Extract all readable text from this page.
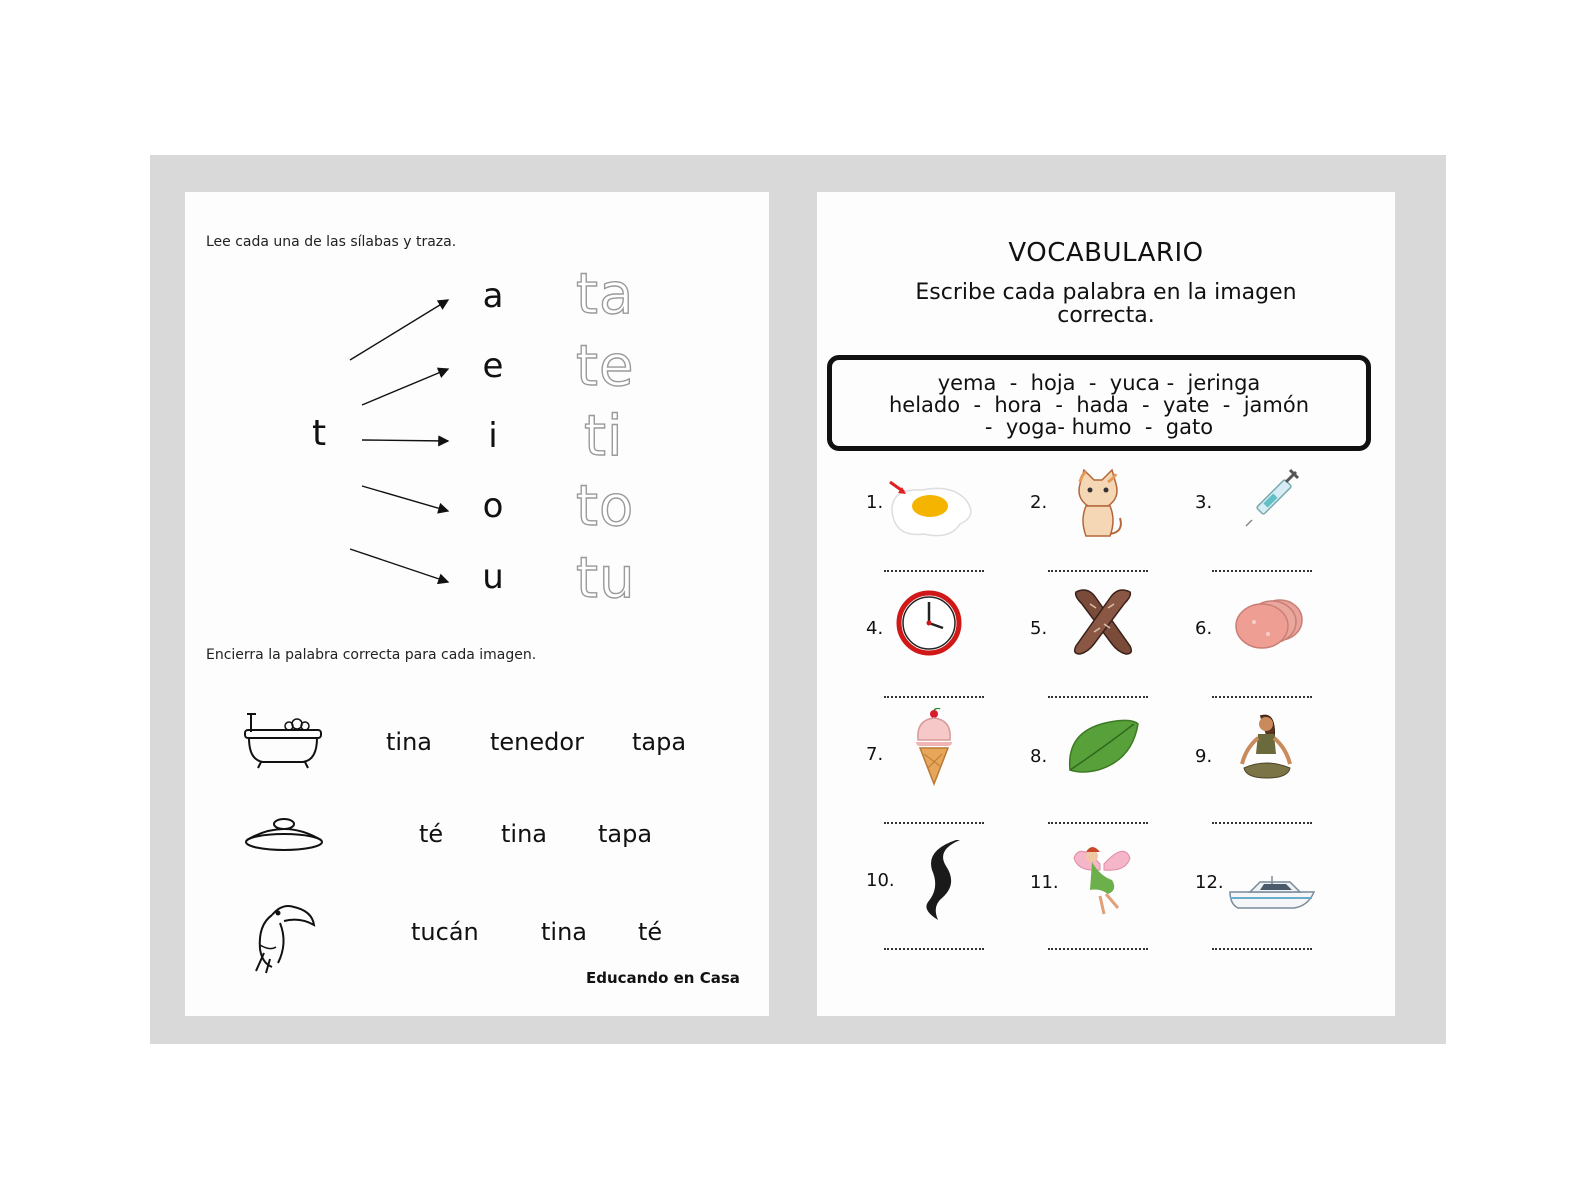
Lee cada una de las sílabas y traza.
t
a
e
i
o
u
ta
te
ti
to
tu
Encierra la palabra correcta para cada imagen.
tina tenedor tapa
té tina tapa
tucán	tina té
Educando en Casa
VOCABULARIO
Escribe cada palabra en la imagen
correcta.
yema  -  hoja  -  yuca -  jeringa
helado  -  hora  -  hada  -  yate  -  jamón
-  yoga- humo  -  gato
1.	2.	3.
4.	5.	6.
7.	8.	9.
10.	11.	12.
